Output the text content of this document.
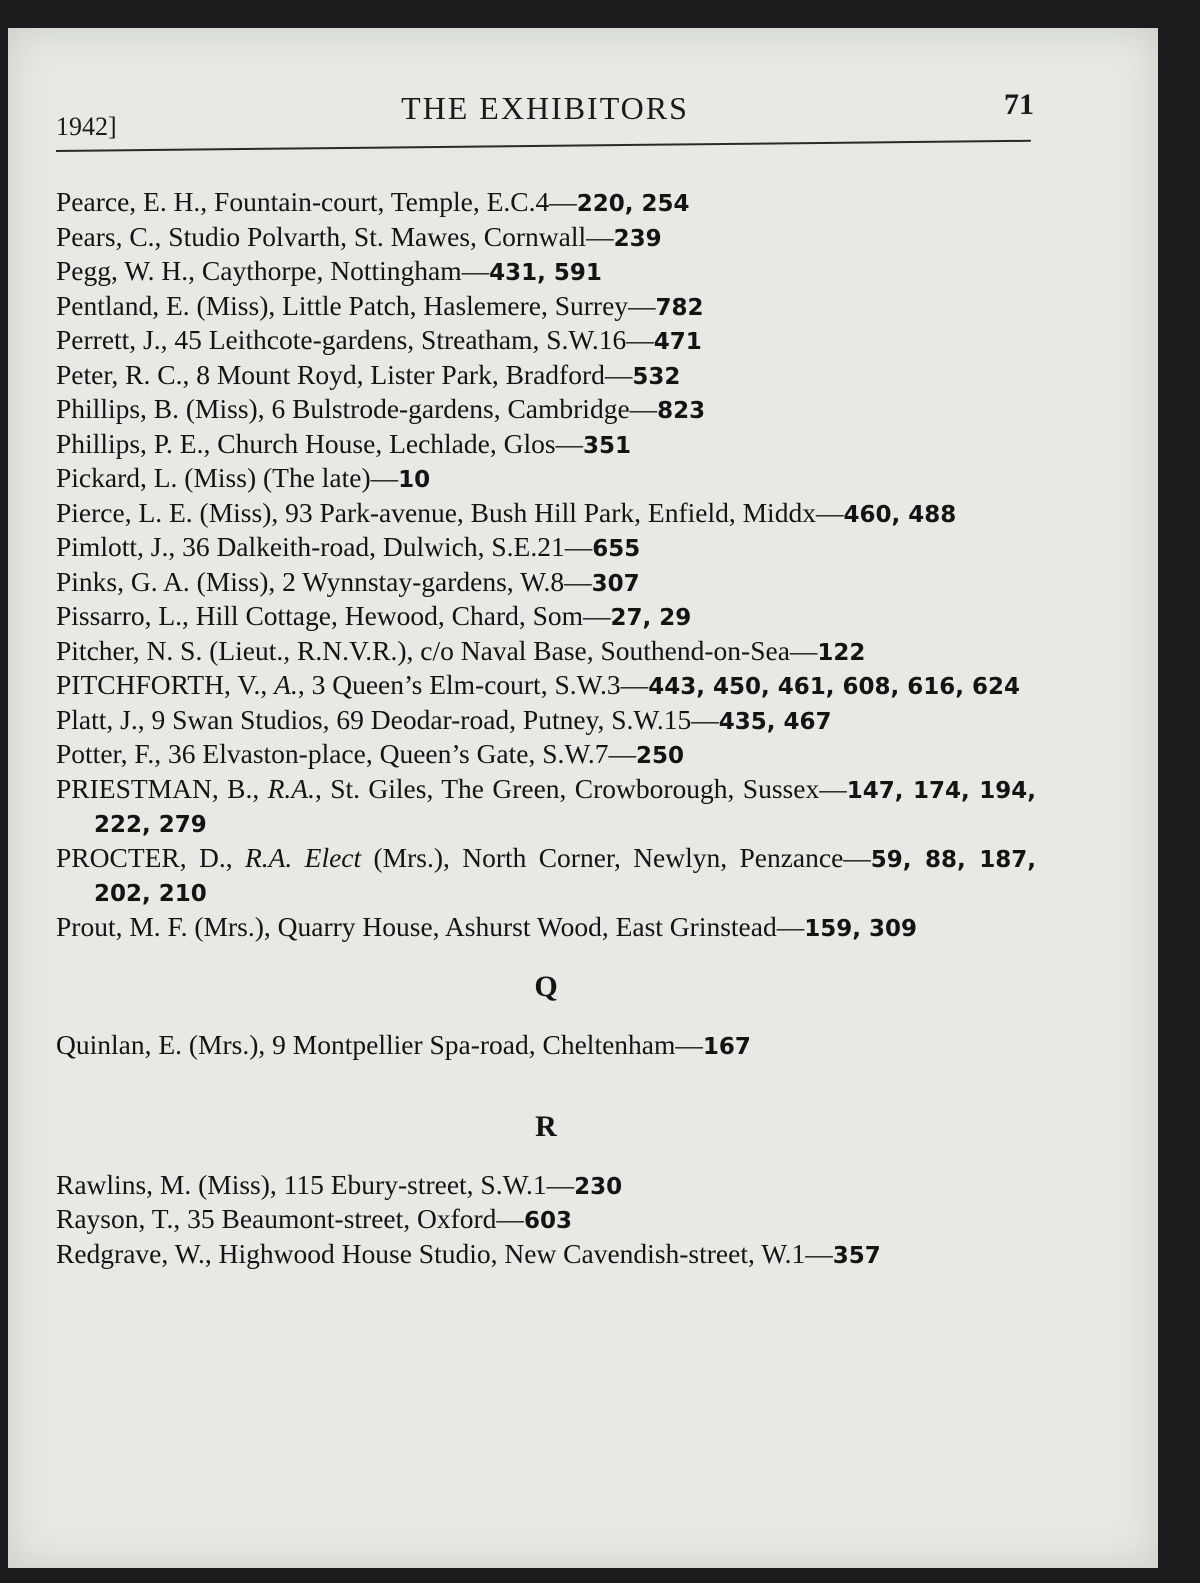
1942]
THE EXHIBITORS	71

Pearce, E. H., Fountain-court, Temple, E.C.4—220, 254

Pears, C., Studio Polvarth, St. Mawes, Cornwall—239

Pegg, W. H., Caythorpe, Nottingham—431, 591

Pentland, E. (Miss), Little Patch, Haslemere, Surrey—782

Perrett, J., 45 Leithcote-gardens, Streatham, S.W.16—471

Peter, R. C., 8 Mount Royd, Lister Park, Bradford—532

Phillips, B. (Miss), 6 Bulstrode-gardens, Cambridge—823

Phillips, P. E., Church House, Lechlade, Glos—351

Pickard, L. (Miss) (The late)—10

Pierce, L. E. (Miss), 93 Park-avenue, Bush Hill Park, Enfield, Middx—460, 488

Pimlott, J., 36 Dalkeith-road, Dulwich, S.E.21—655

Pinks, G. A. (Miss), 2 Wynnstay-gardens, W.8—307

Pissarro, L., Hill Cottage, Hewood, Chard, Som—27, 29

Pitcher, N. S. (Lieut., R.N.V.R.), c/o Naval Base, Southend-on-Sea—122

PITCHFORTH, V., A., 3 Queen’s Elm-court, S.W.3—443, 450, 461, 608, 616, 624

Platt, J., 9 Swan Studios, 69 Deodar-road, Putney, S.W.15—435, 467

Potter, F., 36 Elvaston-place, Queen’s Gate, S.W.7—250

PRIESTMAN, B., R.A., St. Giles, The Green, Crowborough, Sussex—147, 174, 194, 222, 279

PROCTER, D., R.A. Elect (Mrs.), North Corner, Newlyn, Penzance—59, 88, 187, 202, 210

Prout, M. F. (Mrs.), Quarry House, Ashurst Wood, East Grinstead—159, 309

Q

Quinlan, E. (Mrs.), 9 Montpellier Spa-road, Cheltenham—167

R

Rawlins, M. (Miss), 115 Ebury-street, S.W.1—230

Rayson, T., 35 Beaumont-street, Oxford—603

Redgrave, W., Highwood House Studio, New Cavendish-street, W.1—357
